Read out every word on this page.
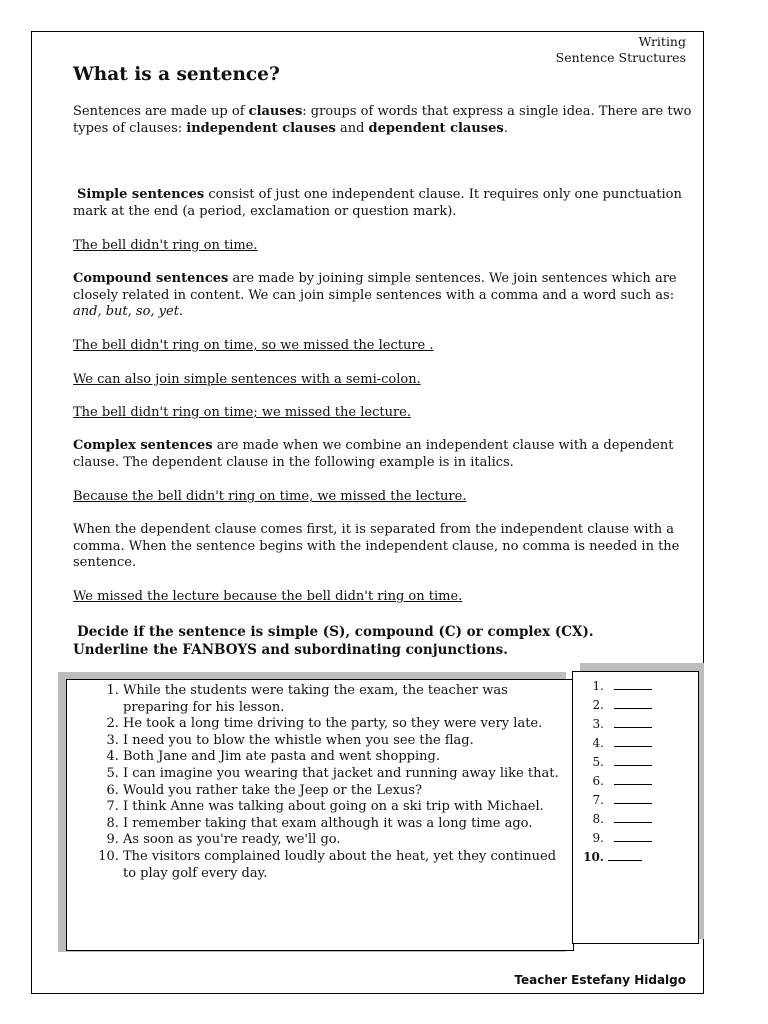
Writing
Sentence Structures
What is a sentence?
Sentences are made up of clauses: groups of words that express a single idea. There are two types of clauses: independent clauses and dependent clauses.
Simple sentences consist of just one independent clause. It requires only one punctuation mark at the end (a period, exclamation or question mark).
The bell didn't ring on time.
Compound sentences are made by joining simple sentences. We join sentences which are closely related in content. We can join simple sentences with a comma and a word such as: and, but, so, yet.
The bell didn't ring on time, so we missed the lecture .
We can also join simple sentences with a semi-colon.
The bell didn't ring on time; we missed the lecture.
Complex sentences are made when we combine an independent clause with a dependent clause. The dependent clause in the following example is in italics.
Because the bell didn't ring on time, we missed the lecture.
When the dependent clause comes first, it is separated from the independent clause with a comma. When the sentence begins with the independent clause, no comma is needed in the sentence.
We missed the lecture because the bell didn't ring on time.
Decide if the sentence is simple (S), compound (C) or complex (CX).
Underline the FANBOYS and subordinating conjunctions.
1. While the students were taking the exam, the teacher was preparing for his lesson.
2. He took a long time driving to the party, so they were very late.
3. I need you to blow the whistle when you see the flag.
4. Both Jane and Jim ate pasta and went shopping.
5. I can imagine you wearing that jacket and running away like that.
6. Would you rather take the Jeep or the Lexus?
7. I think Anne was talking about going on a ski trip with Michael.
8. I remember taking that exam although it was a long time ago.
9. As soon as you're ready, we'll go.
10. The visitors complained loudly about the heat, yet they continued to play golf every day.
1.
2.
3.
4.
5.
6.
7.
8.
9.
10.
Teacher Estefany Hidalgo
